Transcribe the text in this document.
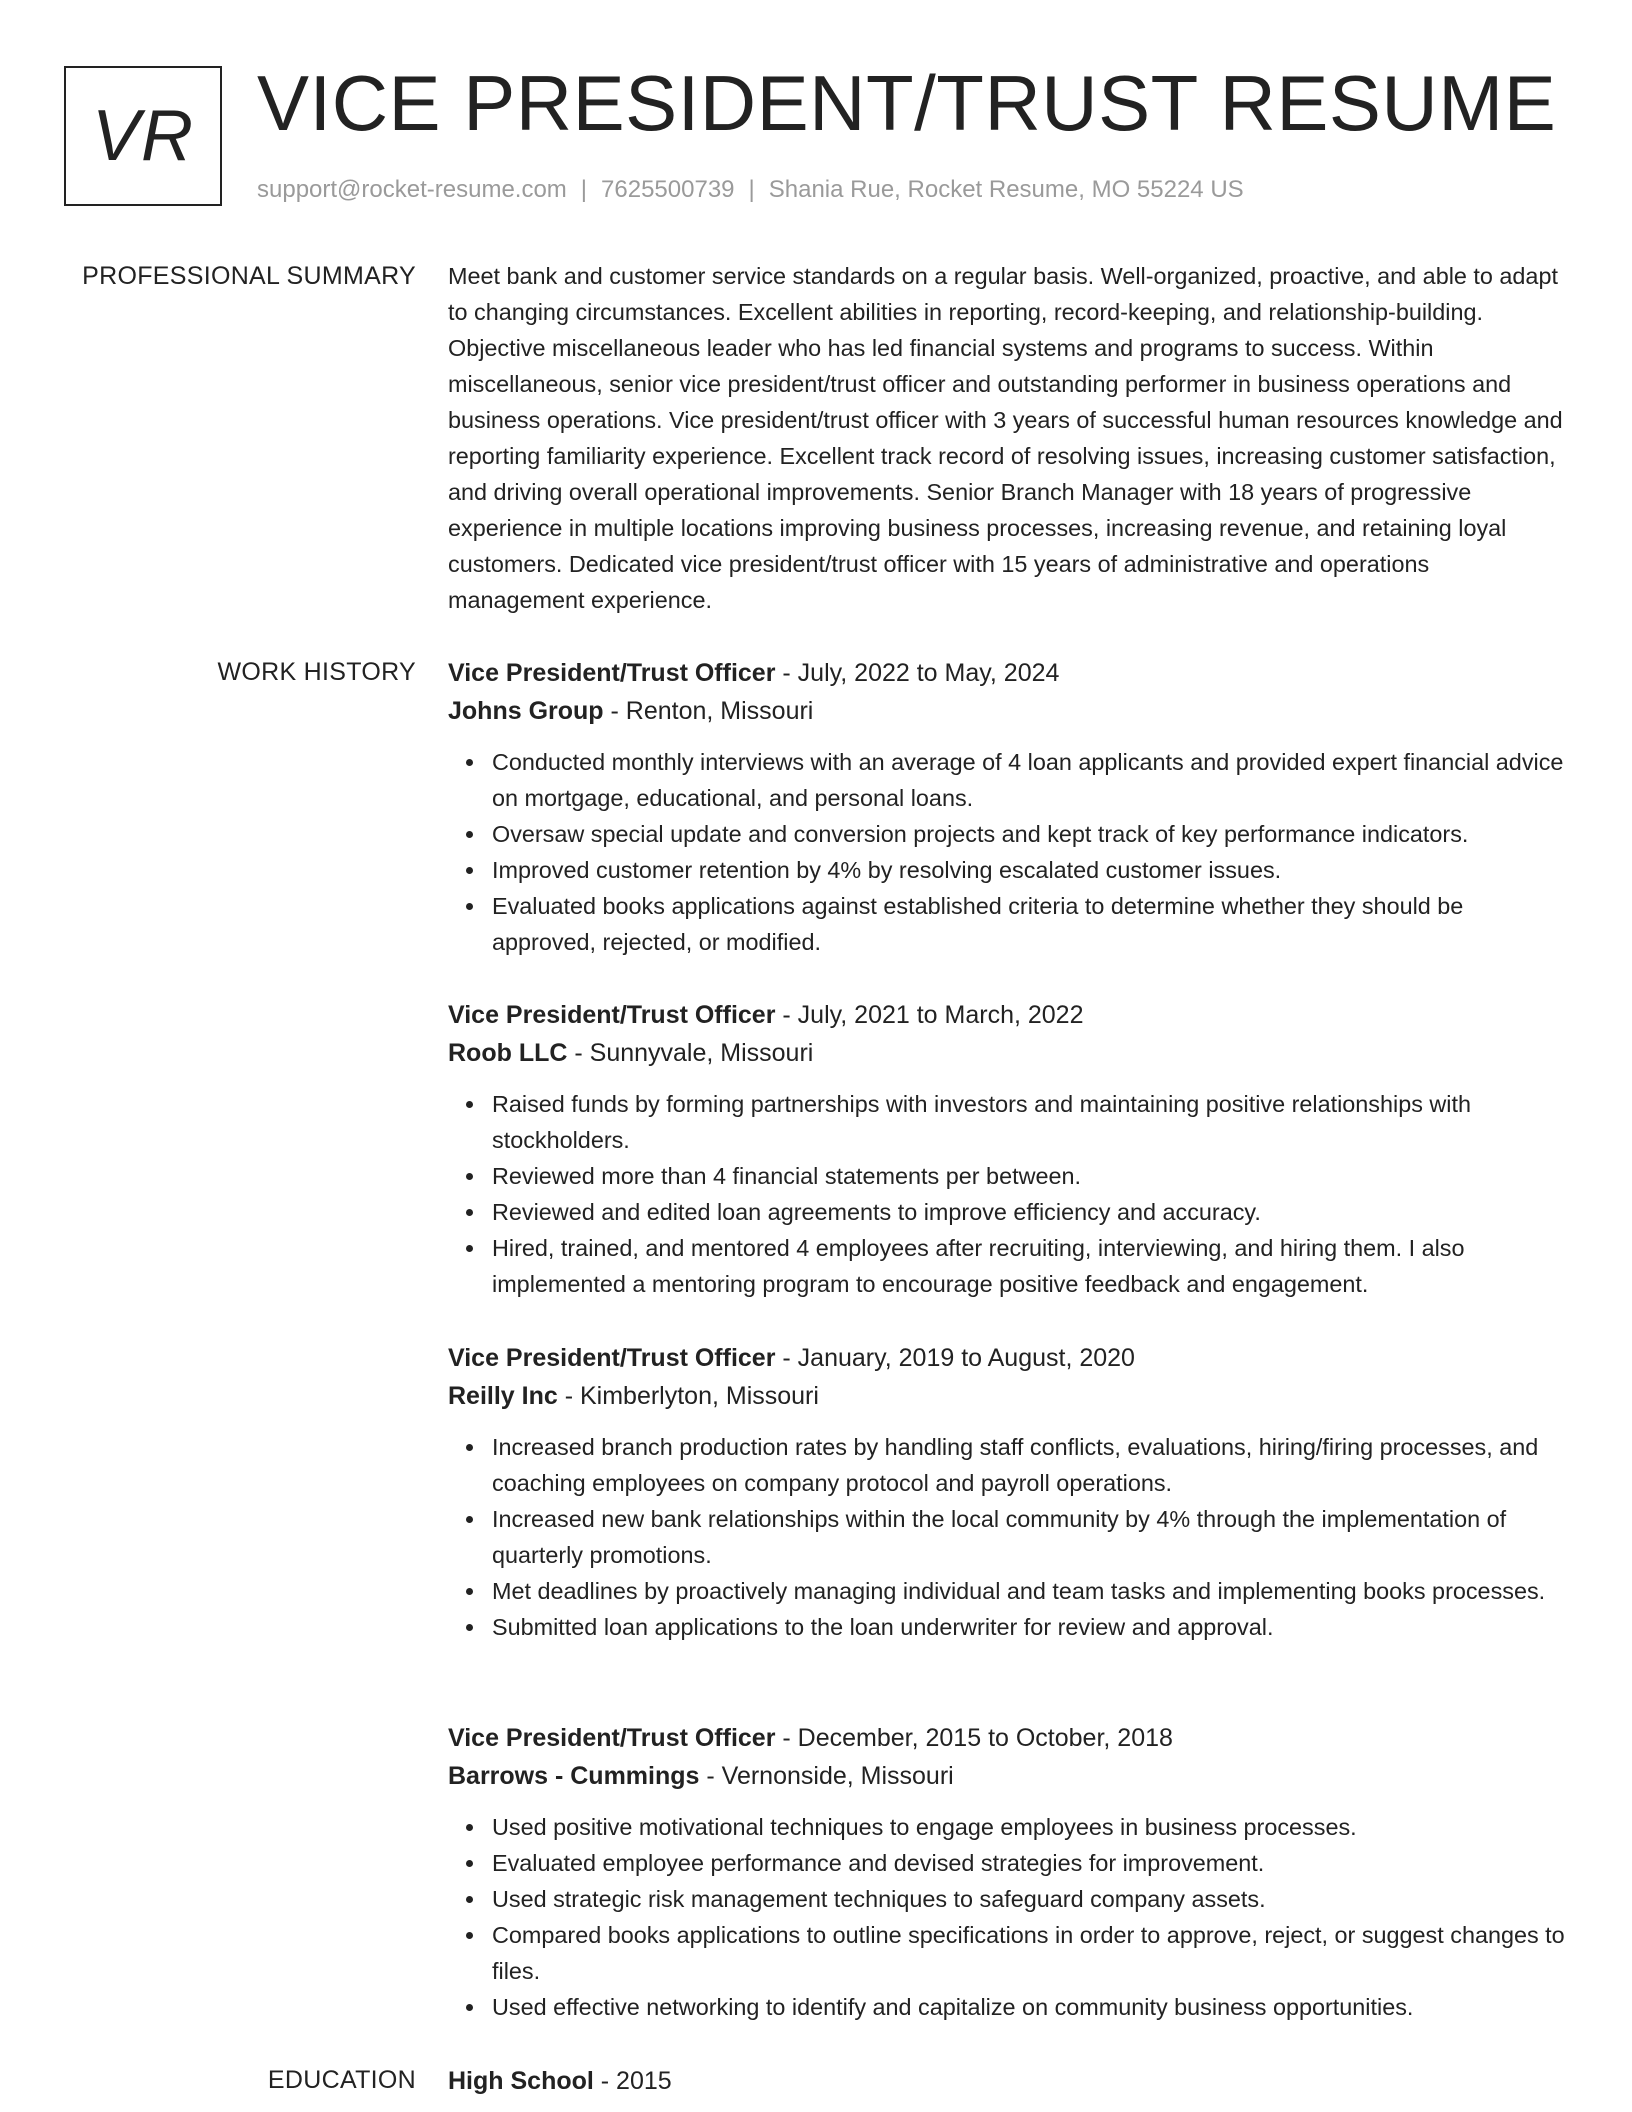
VR VICE PRESIDENT/TRUST RESUME
support@rocket-resume.com | 7625500739 | Shania Rue, Rocket Resume, MO 55224 US
PROFESSIONAL SUMMARY Meet bank and customer service standards on a regular basis. Well-organized, proactive, and able to adapt to changing circumstances. Excellent abilities in reporting, record-keeping, and relationship-building. Objective miscellaneous leader who has led financial systems and programs to success. Within miscellaneous, senior vice president/trust officer and outstanding performer in business operations and business operations. Vice president/trust officer with 3 years of successful human resources knowledge and reporting familiarity experience. Excellent track record of resolving issues, increasing customer satisfaction, and driving overall operational improvements. Senior Branch Manager with 18 years of progressive experience in multiple locations improving business processes, increasing revenue, and retaining loyal customers. Dedicated vice president/trust officer with 15 years of administrative and operations management experience.

WORK HISTORY Vice President/Trust Officer - July, 2022 to May, 2024
Johns Group - Renton, Missouri
Conducted monthly interviews with an average of 4 loan applicants and provided expert financial advice on mortgage, educational, and personal loans.
Oversaw special update and conversion projects and kept track of key performance indicators.
Improved customer retention by 4% by resolving escalated customer issues.
Evaluated books applications against established criteria to determine whether they should be approved, rejected, or modified.
Vice President/Trust Officer - July, 2021 to March, 2022
Roob LLC - Sunnyvale, Missouri
Raised funds by forming partnerships with investors and maintaining positive relationships with stockholders.
Reviewed more than 4 financial statements per between.
Reviewed and edited loan agreements to improve efficiency and accuracy.
Hired, trained, and mentored 4 employees after recruiting, interviewing, and hiring them. I also implemented a mentoring program to encourage positive feedback and engagement.
Vice President/Trust Officer - January, 2019 to August, 2020
Reilly Inc - Kimberlyton, Missouri
Increased branch production rates by handling staff conflicts, evaluations, hiring/firing processes, and coaching employees on company protocol and payroll operations.
Increased new bank relationships within the local community by 4% through the implementation of quarterly promotions.
Met deadlines by proactively managing individual and team tasks and implementing books processes.
Submitted loan applications to the loan underwriter for review and approval.
Vice President/Trust Officer - December, 2015 to October, 2018
Barrows - Cummings - Vernonside, Missouri
Used positive motivational techniques to engage employees in business processes.
Evaluated employee performance and devised strategies for improvement.
Used strategic risk management techniques to safeguard company assets.
Compared books applications to outline specifications in order to approve, reject, or suggest changes to files.
Used effective networking to identify and capitalize on community business opportunities.
EDUCATION High School - 2015
